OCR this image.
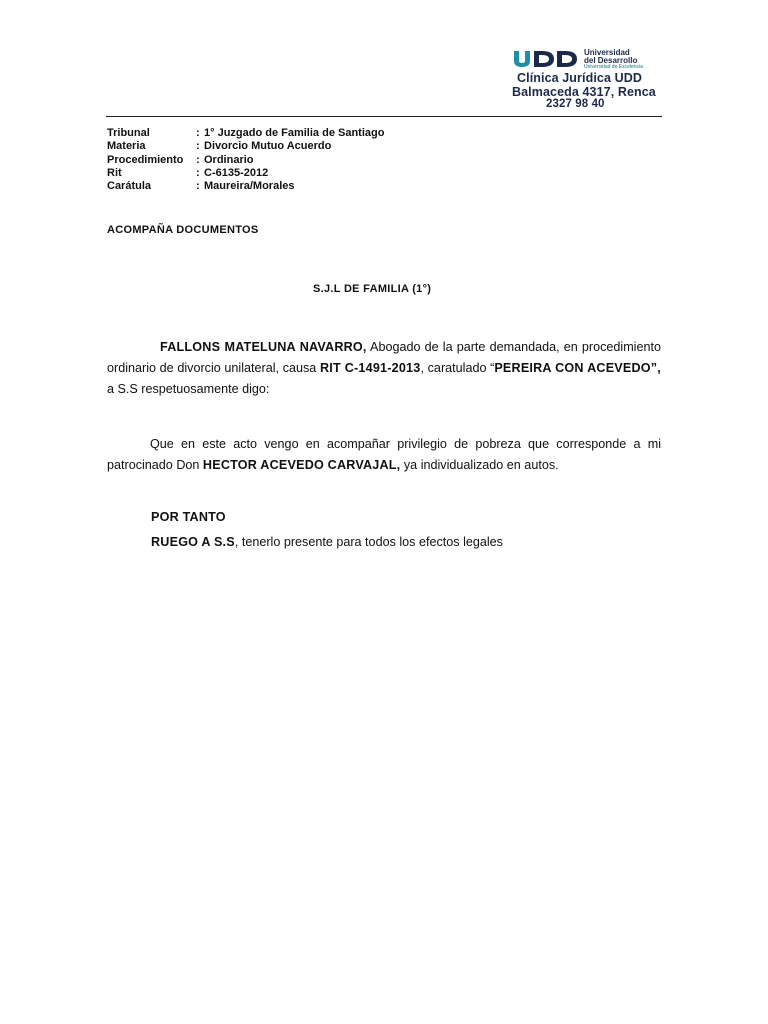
Universidad
del Desarrollo
Universidad de Excelencia
Clínica Jurídica UDD
Balmaceda 4317, Renca
2327 98 40
Tribunal	: 1° Juzgado de Familia de Santiago
Materia	: Divorcio Mutuo Acuerdo
Procedimiento	: Ordinario
Rit	: C-6135-2012
Carátula	: Maureira/Morales
ACOMPAÑA DOCUMENTOS
S.J.L DE FAMILIA (1°)
FALLONS MATELUNA NAVARRO, Abogado de la parte demandada, en procedimiento ordinario de divorcio unilateral, causa RIT C-1491-2013, caratulado “PEREIRA CON ACEVEDO”, a S.S respetuosamente digo:
Que en este acto vengo en acompañar privilegio de pobreza que corresponde a mi patrocinado Don HECTOR ACEVEDO CARVAJAL, ya individualizado en autos.
POR TANTO
RUEGO A S.S, tenerlo presente para todos los efectos legales
